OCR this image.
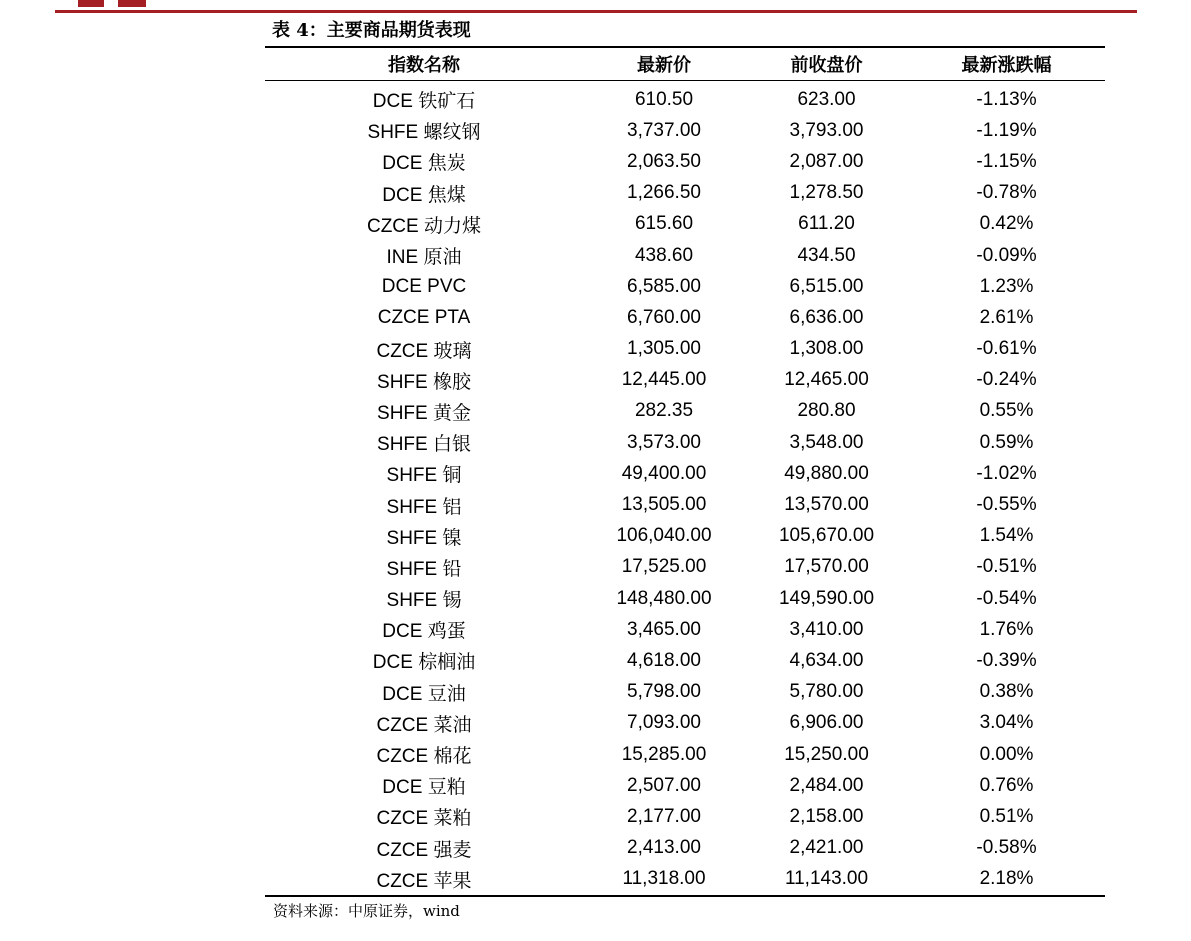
表 4：主要商品期货表现
指数名称	最新价	前收盘价	最新涨跌幅
DCE 铁矿石	610.50	623.00	-1.13%
SHFE 螺纹钢	3,737.00	3,793.00	-1.19%
DCE 焦炭	2,063.50	2,087.00	-1.15%
DCE 焦煤	1,266.50	1,278.50	-0.78%
CZCE 动力煤	615.60	611.20	0.42%
INE 原油	438.60	434.50	-0.09%
DCE PVC	6,585.00	6,515.00	1.23%
CZCE PTA	6,760.00	6,636.00	2.61%
CZCE 玻璃	1,305.00	1,308.00	-0.61%
SHFE 橡胶	12,445.00	12,465.00	-0.24%
SHFE 黄金	282.35	280.80	0.55%
SHFE 白银	3,573.00	3,548.00	0.59%
SHFE 铜	49,400.00	49,880.00	-1.02%
SHFE 铝	13,505.00	13,570.00	-0.55%
SHFE 镍	106,040.00	105,670.00	1.54%
SHFE 铅	17,525.00	17,570.00	-0.51%
SHFE 锡	148,480.00	149,590.00	-0.54%
DCE 鸡蛋	3,465.00	3,410.00	1.76%
DCE 棕榈油	4,618.00	4,634.00	-0.39%
DCE 豆油	5,798.00	5,780.00	0.38%
CZCE 菜油	7,093.00	6,906.00	3.04%
CZCE 棉花	15,285.00	15,250.00	0.00%
DCE 豆粕	2,507.00	2,484.00	0.76%
CZCE 菜粕	2,177.00	2,158.00	0.51%
CZCE 强麦	2,413.00	2,421.00	-0.58%
CZCE 苹果	11,318.00	11,143.00	2.18%
资料来源：中原证券，wind
